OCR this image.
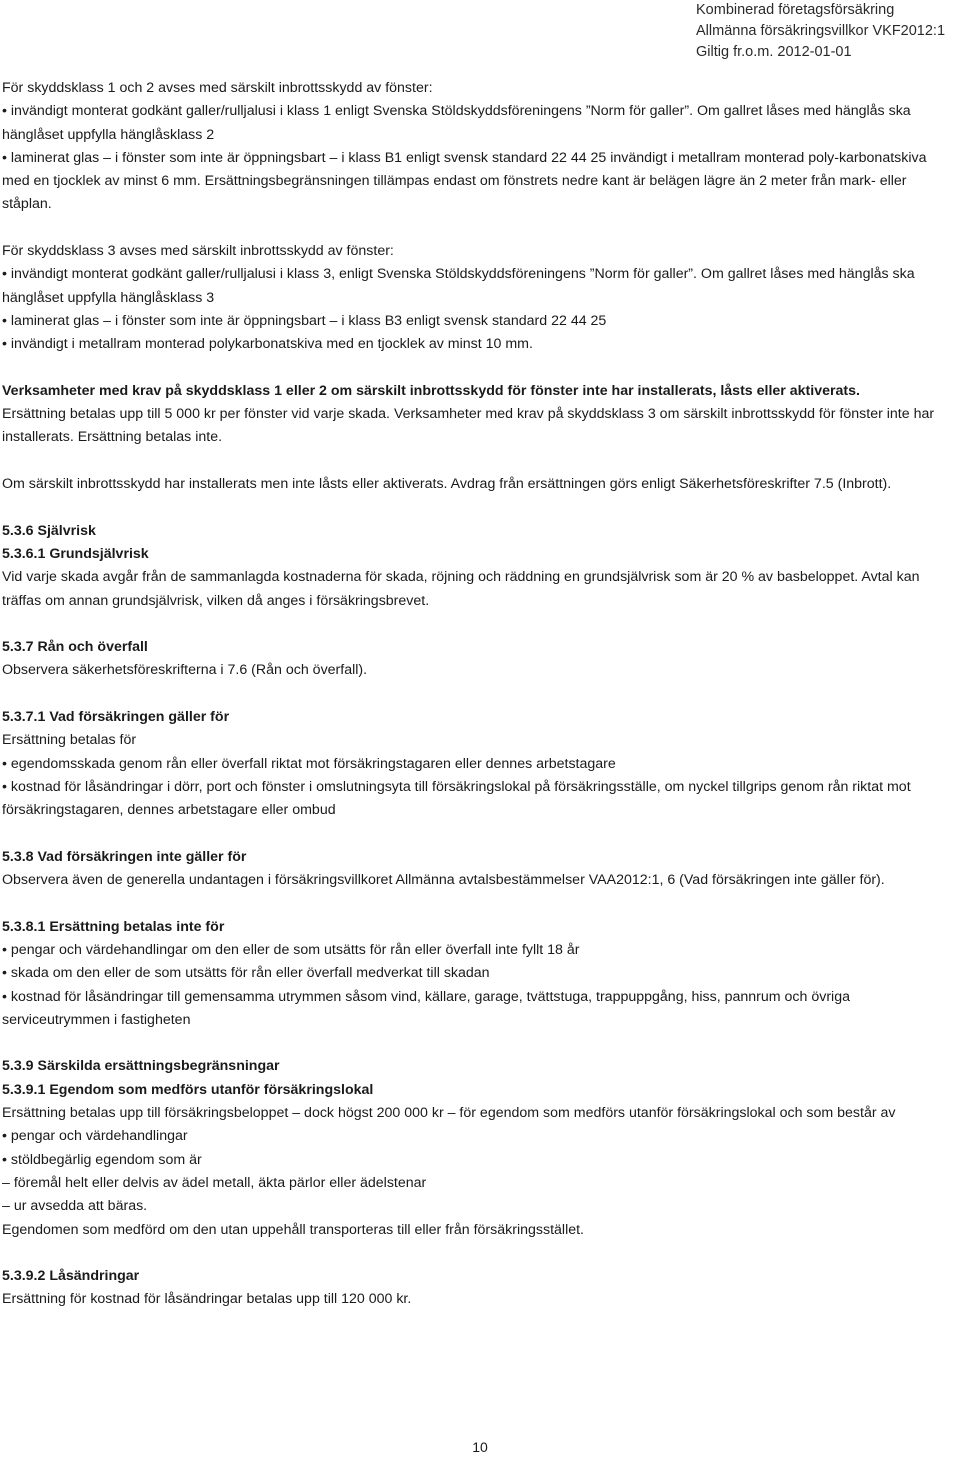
Kombinerad företagsförsäkring
Allmänna försäkringsvillkor VKF2012:1
Giltig fr.o.m. 2012-01-01

För skyddsklass 1 och 2 avses med särskilt inbrottsskydd av fönster:

• invändigt monterat godkänt galler/rulljalusi i klass 1 enligt Svenska Stöldskyddsföreningens ”Norm för galler”. Om gallret låses med hänglås ska hänglåset uppfylla hänglåsklass 2

• laminerat glas – i fönster som inte är öppningsbart – i klass B1 enligt svensk standard 22 44 25 invändigt i metallram monterad poly-karbonatskiva med en tjocklek av minst 6 mm. Ersättningsbegränsningen tillämpas endast om fönstrets nedre kant är belägen lägre än 2 meter från mark- eller ståplan.

För skyddsklass 3 avses med särskilt inbrottsskydd av fönster:

• invändigt monterat godkänt galler/rulljalusi i klass 3, enligt Svenska Stöldskyddsföreningens ”Norm för galler”. Om gallret låses med hänglås ska hänglåset uppfylla hänglåsklass 3

• laminerat glas – i fönster som inte är öppningsbart – i klass B3 enligt svensk standard 22 44 25

• invändigt i metallram monterad polykarbonatskiva med en tjocklek av minst 10 mm.

Verksamheter med krav på skyddsklass 1 eller 2 om särskilt inbrottsskydd för fönster inte har installerats, låsts eller aktiverats.

Ersättning betalas upp till 5 000 kr per fönster vid varje skada. Verksamheter med krav på skyddsklass 3 om särskilt inbrottsskydd för fönster inte har installerats. Ersättning betalas inte.

Om särskilt inbrottsskydd har installerats men inte låsts eller aktiverats. Avdrag från ersättningen görs enligt Säkerhetsföreskrifter 7.5 (Inbrott).

5.3.6 Självrisk

5.3.6.1 Grundsjälvrisk

Vid varje skada avgår från de sammanlagda kostnaderna för skada, röjning och räddning en grundsjälvrisk som är 20 % av basbeloppet. Avtal kan träffas om annan grundsjälvrisk, vilken då anges i försäkringsbrevet.

5.3.7 Rån och överfall

Observera säkerhetsföreskrifterna i 7.6 (Rån och överfall).

5.3.7.1 Vad försäkringen gäller för

Ersättning betalas för

• egendomsskada genom rån eller överfall riktat mot försäkringstagaren eller dennes arbetstagare

• kostnad för låsändringar i dörr, port och fönster i omslutningsyta till försäkringslokal på försäkringsställe, om nyckel tillgrips genom rån riktat mot försäkringstagaren, dennes arbetstagare eller ombud

5.3.8 Vad försäkringen inte gäller för

Observera även de generella undantagen i försäkringsvillkoret Allmänna avtalsbestämmelser VAA2012:1, 6 (Vad försäkringen inte gäller för).

5.3.8.1 Ersättning betalas inte för

• pengar och värdehandlingar om den eller de som utsätts för rån eller överfall inte fyllt 18 år

• skada om den eller de som utsätts för rån eller överfall medverkat till skadan

• kostnad för låsändringar till gemensamma utrymmen såsom vind, källare, garage, tvättstuga, trappuppgång, hiss, pannrum och övriga serviceutrymmen i fastigheten

5.3.9 Särskilda ersättningsbegränsningar

5.3.9.1 Egendom som medförs utanför försäkringslokal

Ersättning betalas upp till försäkringsbeloppet – dock högst 200 000 kr – för egendom som medförs utanför försäkringslokal och som består av

• pengar och värdehandlingar

• stöldbegärlig egendom som är

– föremål helt eller delvis av ädel metall, äkta pärlor eller ädelstenar

– ur avsedda att bäras.

Egendomen som medförd om den utan uppehåll transporteras till eller från försäkringsstället.

5.3.9.2 Låsändringar

Ersättning för kostnad för låsändringar betalas upp till 120 000 kr.

10
